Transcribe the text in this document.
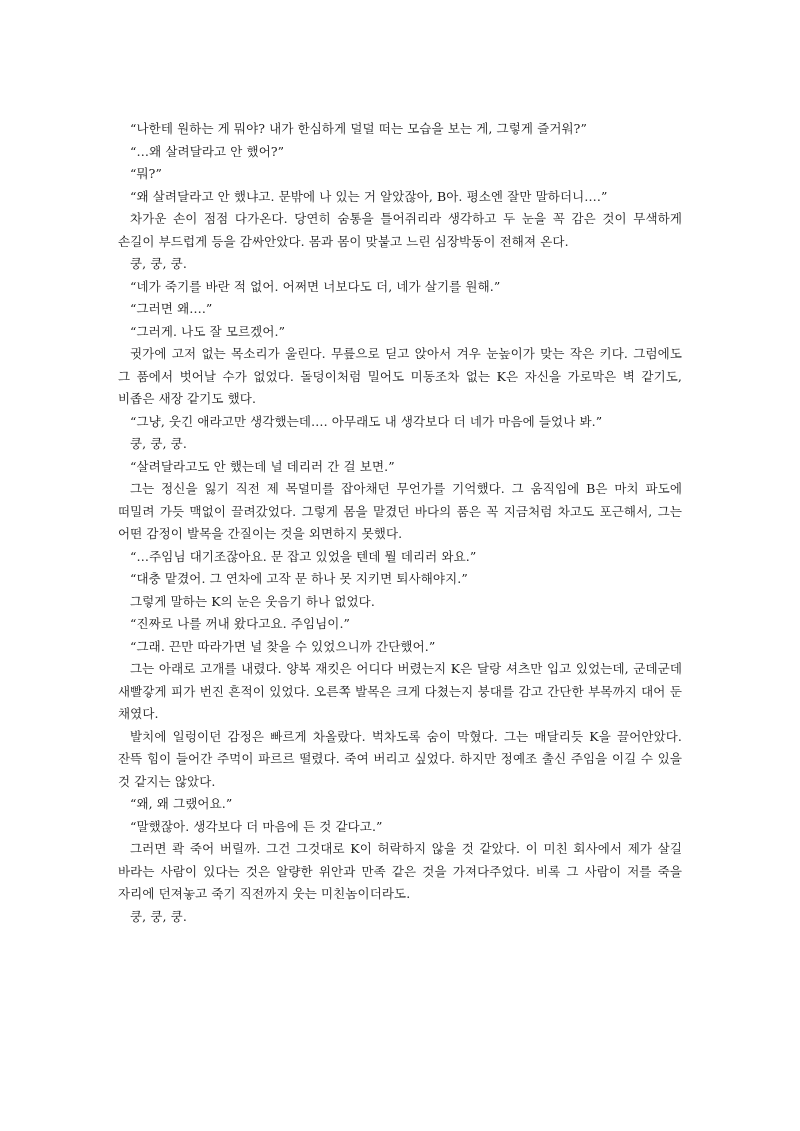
“나한테 원하는 게 뭐야? 내가 한심하게 덜덜 떠는 모습을 보는 게, 그렇게 즐거워?”

“…왜 살려달라고 안 했어?”

“뭐?”

“왜 살려달라고 안 했냐고. 문밖에 나 있는 거 알았잖아, B아. 평소엔 잘만 말하더니….”

차가운 손이 점점 다가온다. 당연히 숨통을 틀어쥐리라 생각하고 두 눈을 꼭 감은 것이 무색하게 손길이 부드럽게 등을 감싸안았다. 몸과 몸이 맞붙고 느린 심장박동이 전해져 온다.

쿵, 쿵, 쿵.

“네가 죽기를 바란 적 없어. 어쩌면 너보다도 더, 네가 살기를 원해.”

“그러면 왜….”

“그러게. 나도 잘 모르겠어.”

귓가에 고저 없는 목소리가 울린다. 무릎으로 딛고 앉아서 겨우 눈높이가 맞는 작은 키다. 그럼에도 그 품에서 벗어날 수가 없었다. 돌덩이처럼 밀어도 미동조차 없는 K은 자신을 가로막은 벽 같기도, 비좁은 새장 같기도 했다.

“그냥, 웃긴 애라고만 생각했는데…. 아무래도 내 생각보다 더 네가 마음에 들었나 봐.”

쿵, 쿵, 쿵.

“살려달라고도 안 했는데 널 데리러 간 걸 보면.”

그는 정신을 잃기 직전 제 목덜미를 잡아채던 무언가를 기억했다. 그 움직임에 B은 마치 파도에 떠밀려 가듯 맥없이 끌려갔었다. 그렇게 몸을 맡겼던 바다의 품은 꼭 지금처럼 차고도 포근해서, 그는 어떤 감정이 발목을 간질이는 것을 외면하지 못했다.

“…주임님 대기조잖아요. 문 잡고 있었을 텐데 뭘 데리러 와요.”

“대충 맡겼어. 그 연차에 고작 문 하나 못 지키면 퇴사해야지.”

그렇게 말하는 K의 눈은 웃음기 하나 없었다.

“진짜로 나를 꺼내 왔다고요. 주임님이.”

“그래. 끈만 따라가면 널 찾을 수 있었으니까 간단했어.”

그는 아래로 고개를 내렸다. 양복 재킷은 어디다 버렸는지 K은 달랑 셔츠만 입고 있었는데, 군데군데 새빨갛게 피가 번진 흔적이 있었다. 오른쪽 발목은 크게 다쳤는지 붕대를 감고 간단한 부목까지 대어 둔 채였다.

발치에 일렁이던 감정은 빠르게 차올랐다. 벅차도록 숨이 막혔다. 그는 매달리듯 K을 끌어안았다. 잔뜩 힘이 들어간 주먹이 파르르 떨렸다. 죽여 버리고 싶었다. 하지만 정예조 출신 주임을 이길 수 있을 것 같지는 않았다.

“왜, 왜 그랬어요.”

“말했잖아. 생각보다 더 마음에 든 것 같다고.”

그러면 콱 죽어 버릴까. 그건 그것대로 K이 허락하지 않을 것 같았다. 이 미친 회사에서 제가 살길 바라는 사람이 있다는 것은 알량한 위안과 만족 같은 것을 가져다주었다. 비록 그 사람이 저를 죽을 자리에 던져놓고 죽기 직전까지 웃는 미친놈이더라도.

쿵, 쿵, 쿵.
